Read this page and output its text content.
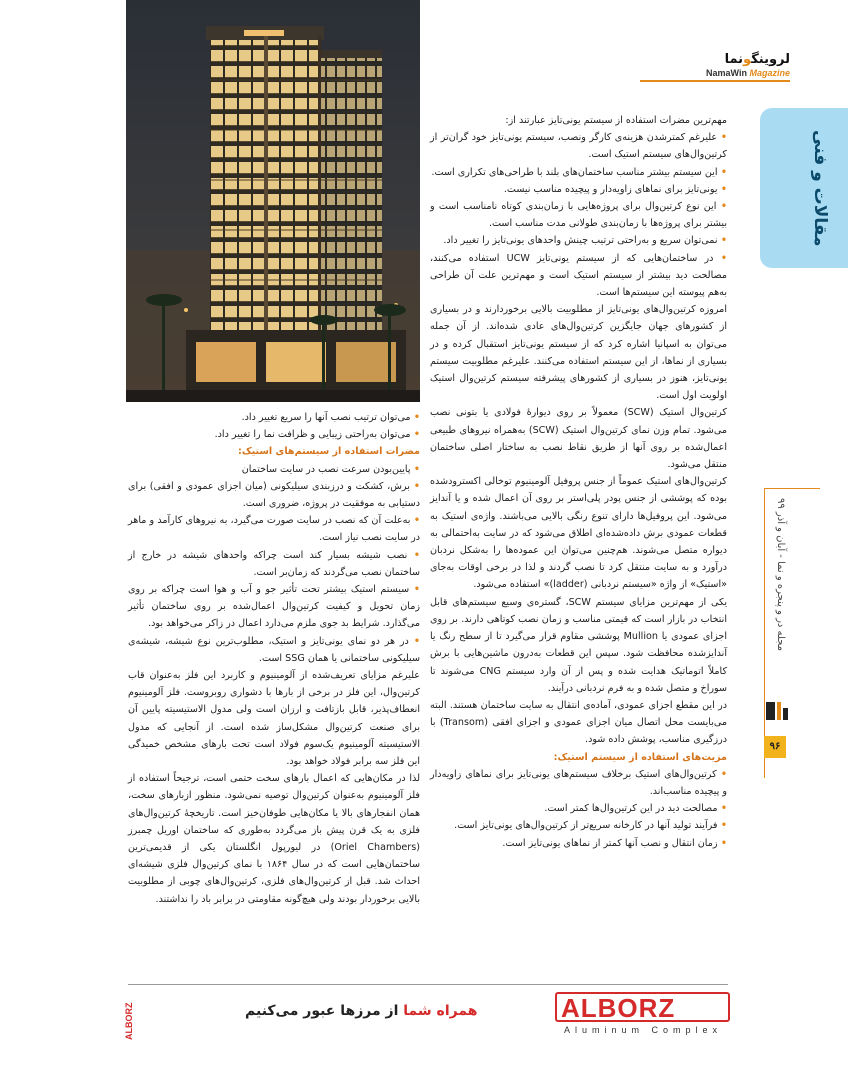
لروینگونما
NamaWin Magazine
مقالات و فنی
مجله در و پنجره و نما - آبان و آذر ۹۹
۹۶

مهم‌ترین مضرات استفاده از سیستم یونی‌تایز عبارتند از:

• علیرغم کمترشدن هزینه‌ی کارگر ونصب، سیستم یونی‌تایز خود گران‌تر از کرتین‌وال‌های سیستم استیک است.

• این سیستم بیشتر مناسب ساختمان‌های بلند با طراحی‌های تکراری است.

• یونی‌تایز برای نماهای زاویه‌دار و پیچیده مناسب نیست.

• این نوع کرتین‌وال برای پروژه‌هایی با زمان‌بندی کوتاه نامناسب است و بیشتر برای پروژه‌ها با زمان‌بندی طولانی مدت مناسب است.

• نمی‌توان سریع و به‌راحتی ترتیب چینش واحدهای یونی‌تایز را تغییر داد.

• در ساختمان‌هایی که از سیستم یونی‌تایز UCW استفاده می‌کنند، مصالحت دید بیشتر از سیستم استیک است و مهم‌ترین علت آن طراحی به‌هم پیوسته این سیستم‌ها است.

امروزه کرتین‌وال‌های یونی‌تایز از مطلوبیت بالایی برخوردارند و در بسیاری از کشورهای جهان جایگزین کرتین‌وال‌های عادی شده‌اند. از آن جمله می‌توان به اسپانیا اشاره کرد که از سیستم یونی‌تایز استقبال کرده و در بسیاری از نماها، از این سیستم استفاده می‌کنند. علیرغم مطلوبیت سیستم یونی‌تایز، هنوز در بسیاری از کشورهای پیشرفته سیستم کرتین‌وال استیک اولویت اول است.

کرتین‌وال استیک (SCW) معمولاً بر روی دیوارهٔ فولادی یا بتونی نصب می‌شود. تمام وزن نمای کرتین‌وال استیک (SCW) به‌همراه نیروهای طبیعی اعمال‌شده بر روی آنها از طریق نقاط نصب به ساختار اصلی ساختمان منتقل می‌شود.

کرتین‌وال‌های استیک عموماً از جنس پروفیل آلومینیوم توخالی اکسترودشده بوده که پوششی از جنس پودر پلی‌استر بر روی آن اعمال شده و یا آندایز می‌شود. این پروفیل‌ها دارای تنوع رنگی بالایی می‌باشند. واژه‌ی استیک به قطعات عمودی برش داده‌شده‌ای اطلاق می‌شود که در سایت به‌احتمالی به دیواره متصل می‌شوند. هم‌چنین می‌توان این عموده‌ها را به‌شکل نردبان درآورد و به سایت منتقل کرد تا نصب گردند و لذا در برخی اوقات به‌جای «استیک» از واژه «سیستم نردبانی (ladder)» استفاده می‌شود.

یکی از مهم‌ترین مزایای سیستم SCW، گستره‌ی وسیع سیستم‌های قابل انتخاب در بازار است که قیمتی مناسب و زمان نصب کوتاهی دارند. بر روی اجزای عمودی یا Mullion پوششی مقاوم قرار می‌گیرد تا از سطح رنگ یا آندایزشده محافظت شود. سپس این قطعات به‌درون ماشین‌هایی با برش کاملاً اتوماتیک هدایت شده و پس از آن وارد سیستم CNG می‌شوند تا سوراخ و متصل شده و به فرم نردبانی درآیند.

در این مقطع اجزای عمودی، آماده‌ی انتقال به سایت ساختمان هستند. البته می‌بایست محل اتصال میان اجزای عمودی و اجزای افقی (Transom) با درزگیری مناسب، پوشش داده شود.

مزیت‌های استفاده از سیستم استیک:

• کرتین‌وال‌های استیک برخلاف سیستم‌های یونی‌تایز برای نماهای زاویه‌دار و پیچیده مناسب‌اند.

• مصالحت دید در این کرتین‌وال‌ها کمتر است.

• فرآیند تولید آنها در کارخانه سریع‌تر از کرتین‌وال‌های یونی‌تایز است.

• زمان انتقال و نصب آنها کمتر از نماهای یونی‌تایز است.

• می‌توان ترتیب نصب آنها را سریع تغییر داد.

• می‌توان به‌راحتی زیبایی و ظرافت نما را تغییر داد.

مضرات استفاده از سیستم‌های استیک:

• پایین‌بودن سرعت نصب در سایت ساختمان

• برش، کشکت و درزبندی سیلیکونی (میان اجزای عمودی و افقی) برای دستیابی به موفقیت در پروژه، ضروری است.

• به‌علت آن که نصب در سایت صورت می‌گیرد، به نیروهای کارآمد و ماهر در سایت نصب نیاز است.

• نصب شیشه بسیار کند است چراکه واحدهای شیشه در خارج از ساختمان نصب می‌گردند که زمان‌بر است.

• سیستم استیک بیشتر تحت تأثیر جو و آب و هوا است چراکه بر روی زمان تحویل و کیفیت کرتین‌وال اعمال‌شده بر روی ساختمان تأثیر می‌گذارد. شرایط بد جوی ملزم می‌دارد اعمال در زاکر می‌خواهد بود.

• در هر دو نمای یونی‌تایز و استیک، مطلوب‌ترین نوع شیشه، شیشه‌ی سیلیکونی ساختمانی یا همان SSG است.

علیرغم مزایای تعریف‌شده از آلومینیوم و کاربرد این فلز به‌عنوان قاب کرتین‌وال، این فلز در برخی از بارها با دشواری روبروست. فلز آلومینیوم انعطاف‌پذیر، قابل بازتافت و ارزان است ولی مدول الاستیسیته پایین آن برای صنعت کرتین‌وال مشکل‌ساز شده است. از آنجایی که مدول الاستیسیته آلومینیوم یک‌سوم فولاد است تحت بارهای مشخص خمیدگی این فلز سه برابر فولاد خواهد بود.

لذا در مکان‌هایی که اعمال بارهای سخت حتمی است، ترجیحاً استفاده از فلز آلومینیوم به‌عنوان کرتین‌وال توصیه نمی‌شود. منظور ازبارهای سخت، همان انفجارهای بالا یا مکان‌هایی طوفان‌خیز است. تاریخچهٔ کرتین‌وال‌های فلزی به یک قرن پیش باز می‌گردد به‌طوری که ساختمان اوریل چمبرز (Oriel Chambers) در لیورپول انگلستان یکی از قدیمی‌ترین ساختمان‌هایی است که در سال ۱۸۶۴ با نمای کرتین‌وال فلزی شیشه‌ای احداث شد. قبل از کرتین‌وال‌های فلزی، کرتین‌وال‌های چوبی از مطلوبیت بالایی برخوردار بودند ولی هیچ‌گونه مقاومتی در برابر باد را نداشتند.

ALBORZ	همراه شما از مرزها عبور می‌کنیم	ALBORZ
Aluminum Complex
